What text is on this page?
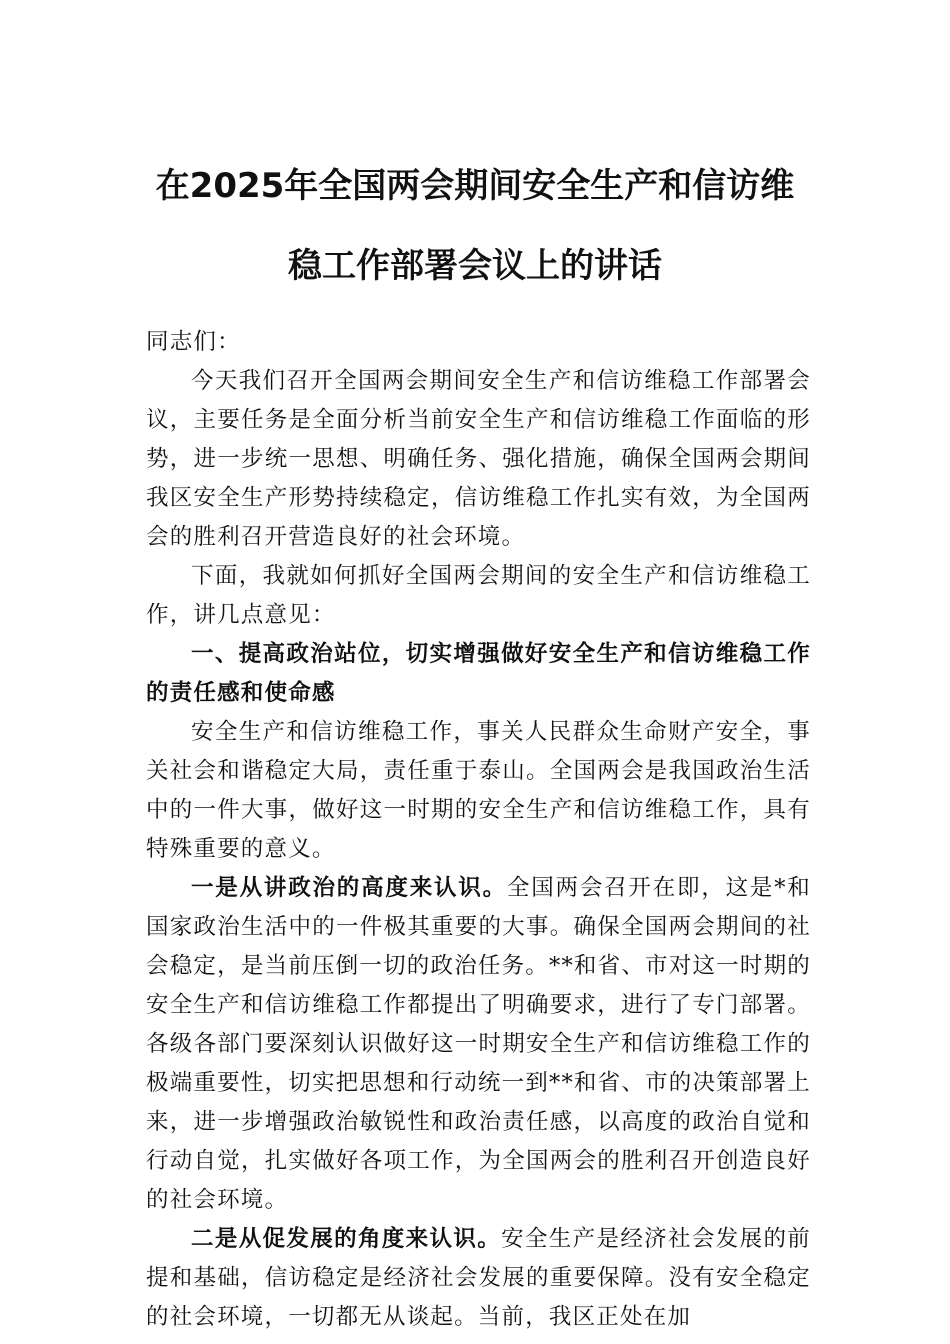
在2025年全国两会期间安全生产和信访维
稳工作部署会议上的讲话

同志们：

今天我们召开全国两会期间安全生产和信访维稳工作部署会议，主要任务是全面分析当前安全生产和信访维稳工作面临的形势，进一步统一思想、明确任务、强化措施，确保全国两会期间我区安全生产形势持续稳定，信访维稳工作扎实有效，为全国两会的胜利召开营造良好的社会环境。

下面，我就如何抓好全国两会期间的安全生产和信访维稳工作，讲几点意见：

一、提高政治站位，切实增强做好安全生产和信访维稳工作的责任感和使命感

安全生产和信访维稳工作，事关人民群众生命财产安全，事关社会和谐稳定大局，责任重于泰山。全国两会是我国政治生活中的一件大事，做好这一时期的安全生产和信访维稳工作，具有特殊重要的意义。

一是从讲政治的高度来认识。全国两会召开在即，这是*和国家政治生活中的一件极其重要的大事。确保全国两会期间的社会稳定，是当前压倒一切的政治任务。**和省、市对这一时期的安全生产和信访维稳工作都提出了明确要求，进行了专门部署。各级各部门要深刻认识做好这一时期安全生产和信访维稳工作的极端重要性，切实把思想和行动统一到**和省、市的决策部署上来，进一步增强政治敏锐性和政治责任感，以高度的政治自觉和行动自觉，扎实做好各项工作，为全国两会的胜利召开创造良好的社会环境。

二是从促发展的角度来认识。安全生产是经济社会发展的前提和基础，信访稳定是经济社会发展的重要保障。没有安全稳定的社会环境，一切都无从谈起。当前，我区正处在加
